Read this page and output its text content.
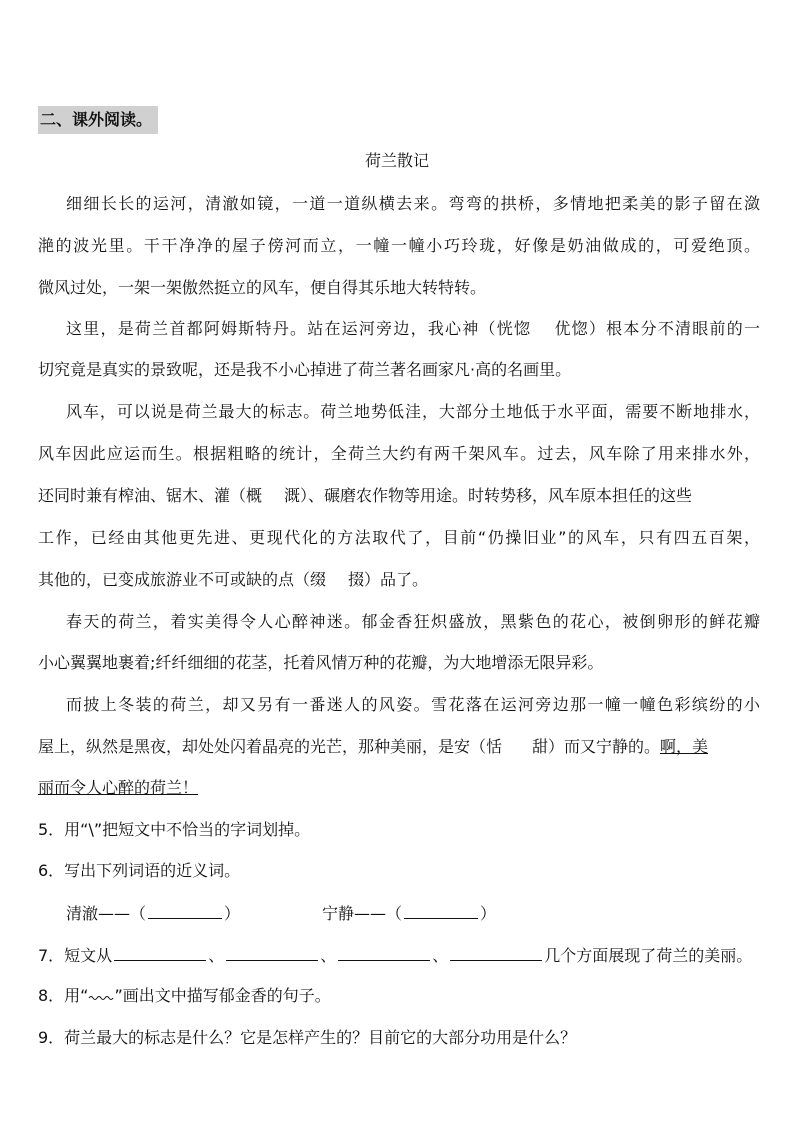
二、课外阅读。
荷兰散记
细细长长的运河，清澈如镜，一道一道纵横去来。弯弯的拱桥，多情地把柔美的影子留在潋
滟的波光里。干干净净的屋子傍河而立，一幢一幢小巧玲珑，好像是奶油做成的，可爱绝顶。
微风过处，一架一架傲然挺立的风车，便自得其乐地大转特转。
这里，是荷兰首都阿姆斯特丹。站在运河旁边，我心神（恍惚 优惚）根本分不清眼前的一
切究竟是真实的景致呢，还是我不小心掉进了荷兰著名画家凡·高的名画里。
风车，可以说是荷兰最大的标志。荷兰地势低洼，大部分土地低于水平面，需要不断地排水，
风车因此应运而生。根据粗略的统计，全荷兰大约有两千架风车。过去，风车除了用来排水外，
还同时兼有榨油、锯木、灌（概 溉）、碾磨农作物等用途。时转势移，风车原本担任的这些
工作，已经由其他更先进、更现代化的方法取代了，目前“仍操旧业”的风车，只有四五百架，
其他的，已变成旅游业不可或缺的点（缀 掇）品了。
春天的荷兰，着实美得令人心醉神迷。郁金香狂炽盛放，黑紫色的花心，被倒卵形的鲜花瓣
小心翼翼地裹着;纤纤细细的花茎，托着风情万种的花瓣，为大地增添无限异彩。
而披上冬装的荷兰，却又另有一番迷人的风姿。雪花落在运河旁边那一幢一幢色彩缤纷的小
屋上，纵然是黑夜，却处处闪着晶亮的光芒，那种美丽，是安（恬 甜）而又宁静的。啊，美
丽而令人心醉的荷兰！
5．用“\”把短文中不恰当的字词划掉。
6．写出下列词语的近义词。
清澈——（	）	宁静——（	）
7．短文从	、	、	、	几个方面展现了荷兰的美丽。
8．用“ ”画出文中描写郁金香的句子。
9．荷兰最大的标志是什么？它是怎样产生的？目前它的大部分功用是什么？
